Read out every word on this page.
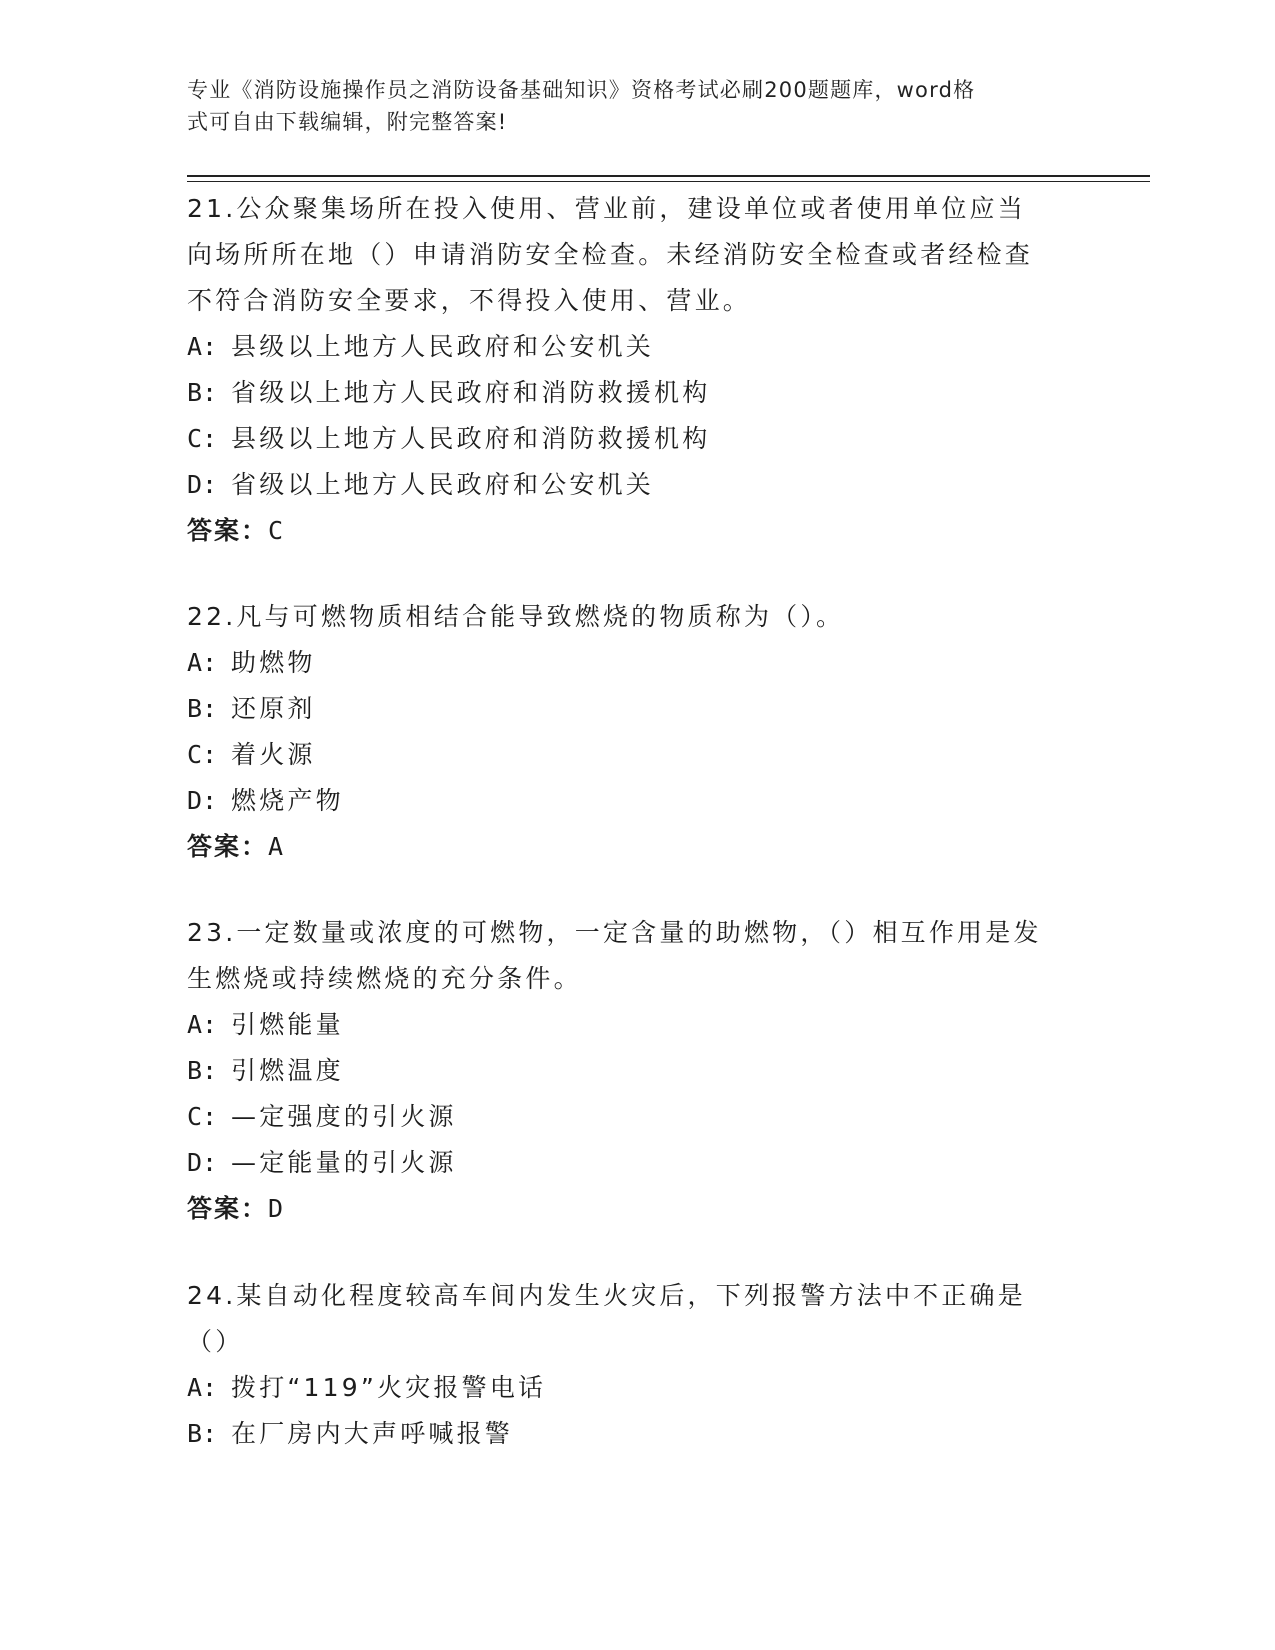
专业《消防设施操作员之消防设备基础知识》资格考试必刷200题题库，word格
式可自由下载编辑，附完整答案!

21.公众聚集场所在投入使用、营业前，建设单位或者使用单位应当向场所所在地（）申请消防安全检查。未经消防安全检查或者经检查不符合消防安全要求，不得投入使用、营业。

A: 县级以上地方人民政府和公安机关
B: 省级以上地方人民政府和消防救援机构
C: 县级以上地方人民政府和消防救援机构
D: 省级以上地方人民政府和公安机关
答案：C

22.凡与可燃物质相结合能导致燃烧的物质称为（）。

A: 助燃物
B: 还原剂
C: 着火源
D: 燃烧产物
答案：A

23.一定数量或浓度的可燃物，一定含量的助燃物，（）相互作用是发生燃烧或持续燃烧的充分条件。

A: 引燃能量
B: 引燃温度
C: —定强度的引火源
D: —定能量的引火源
答案：D

24.某自动化程度较高车间内发生火灾后，下列报警方法中不正确是（）

A: 拨打“119”火灾报警电话
B: 在厂房内大声呼喊报警
